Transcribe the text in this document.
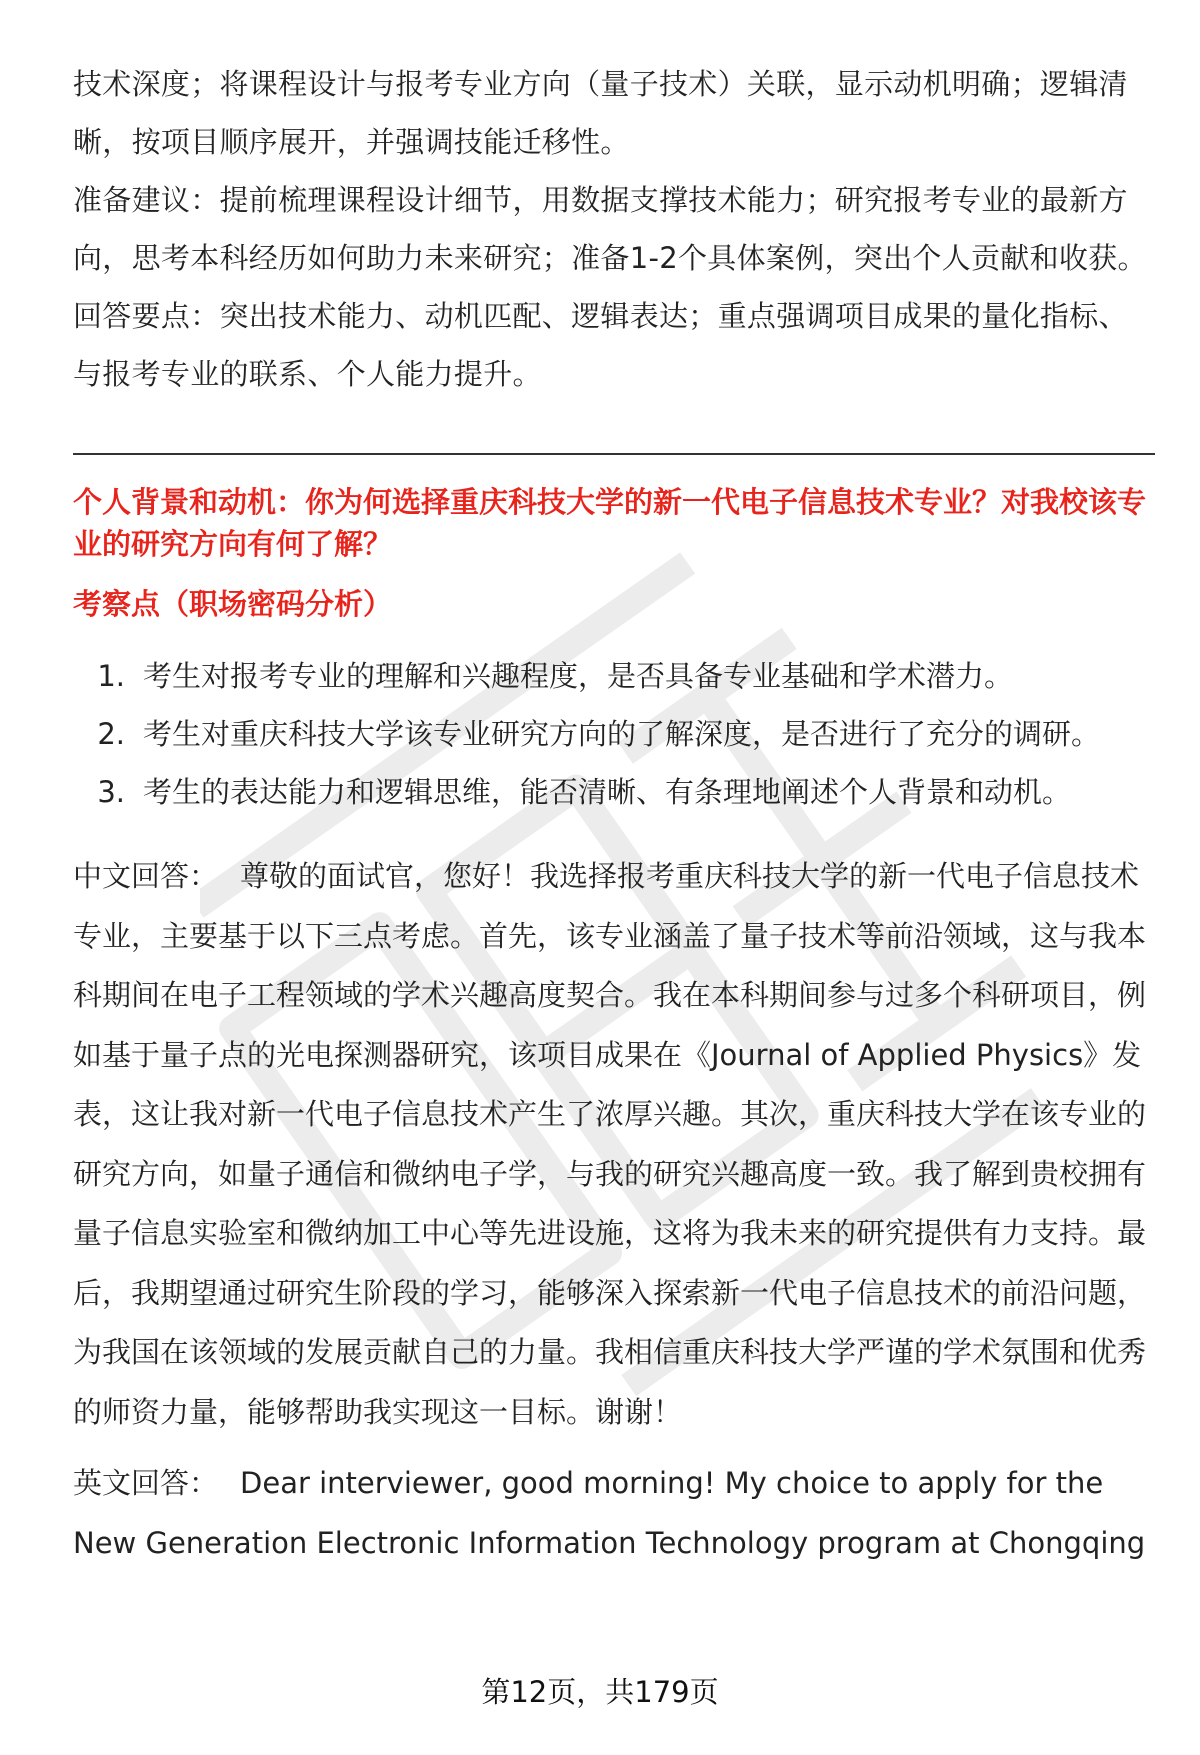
技术深度；将课程设计与报考专业方向（量子技术）关联，显示动机明确；逻辑清晰，按项目顺序展开，并强调技能迁移性。

准备建议：提前梳理课程设计细节，用数据支撑技术能力；研究报考专业的最新方向，思考本科经历如何助力未来研究；准备1-2个具体案例，突出个人贡献和收获。

回答要点：突出技术能力、动机匹配、逻辑表达；重点强调项目成果的量化指标、与报考专业的联系、个人能力提升。

个人背景和动机：你为何选择重庆科技大学的新一代电子信息技术专业？对我校该专业的研究方向有何了解？
考察点（职场密码分析）
1. 考生对报考专业的理解和兴趣程度，是否具备专业基础和学术潜力。
2. 考生对重庆科技大学该专业研究方向的了解深度，是否进行了充分的调研。
3. 考生的表达能力和逻辑思维，能否清晰、有条理地阐述个人背景和动机。

中文回答： 尊敬的面试官，您好！我选择报考重庆科技大学的新一代电子信息技术专业，主要基于以下三点考虑。首先，该专业涵盖了量子技术等前沿领域，这与我本科期间在电子工程领域的学术兴趣高度契合。我在本科期间参与过多个科研项目，例如基于量子点的光电探测器研究，该项目成果在《Journal of Applied Physics》发表，这让我对新一代电子信息技术产生了浓厚兴趣。其次，重庆科技大学在该专业的研究方向，如量子通信和微纳电子学，与我的研究兴趣高度一致。我了解到贵校拥有量子信息实验室和微纳加工中心等先进设施，这将为我未来的研究提供有力支持。最后，我期望通过研究生阶段的学习，能够深入探索新一代电子信息技术的前沿问题，为我国在该领域的发展贡献自己的力量。我相信重庆科技大学严谨的学术氛围和优秀的师资力量，能够帮助我实现这一目标。谢谢！

英文回答： Dear interviewer, good morning! My choice to apply for the New Generation Electronic Information Technology program at Chongqing

第12页，共179页
